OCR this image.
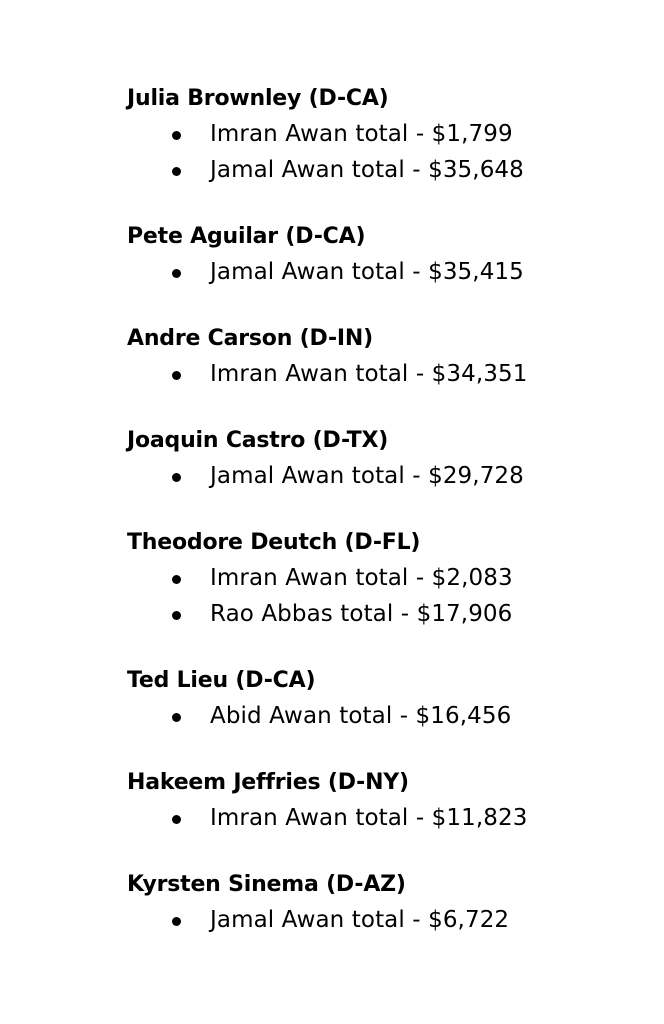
Julia Brownley (D-CA)
Imran Awan total - $1,799
Jamal Awan total - $35,648
Pete Aguilar (D-CA)
Jamal Awan total - $35,415
Andre Carson (D-IN)
Imran Awan total - $34,351
Joaquin Castro (D-TX)
Jamal Awan total - $29,728
Theodore Deutch (D-FL)
Imran Awan total - $2,083
Rao Abbas total - $17,906
Ted Lieu (D-CA)
Abid Awan total - $16,456
Hakeem Jeffries (D-NY)
Imran Awan total - $11,823
Kyrsten Sinema (D-AZ)
Jamal Awan total - $6,722
